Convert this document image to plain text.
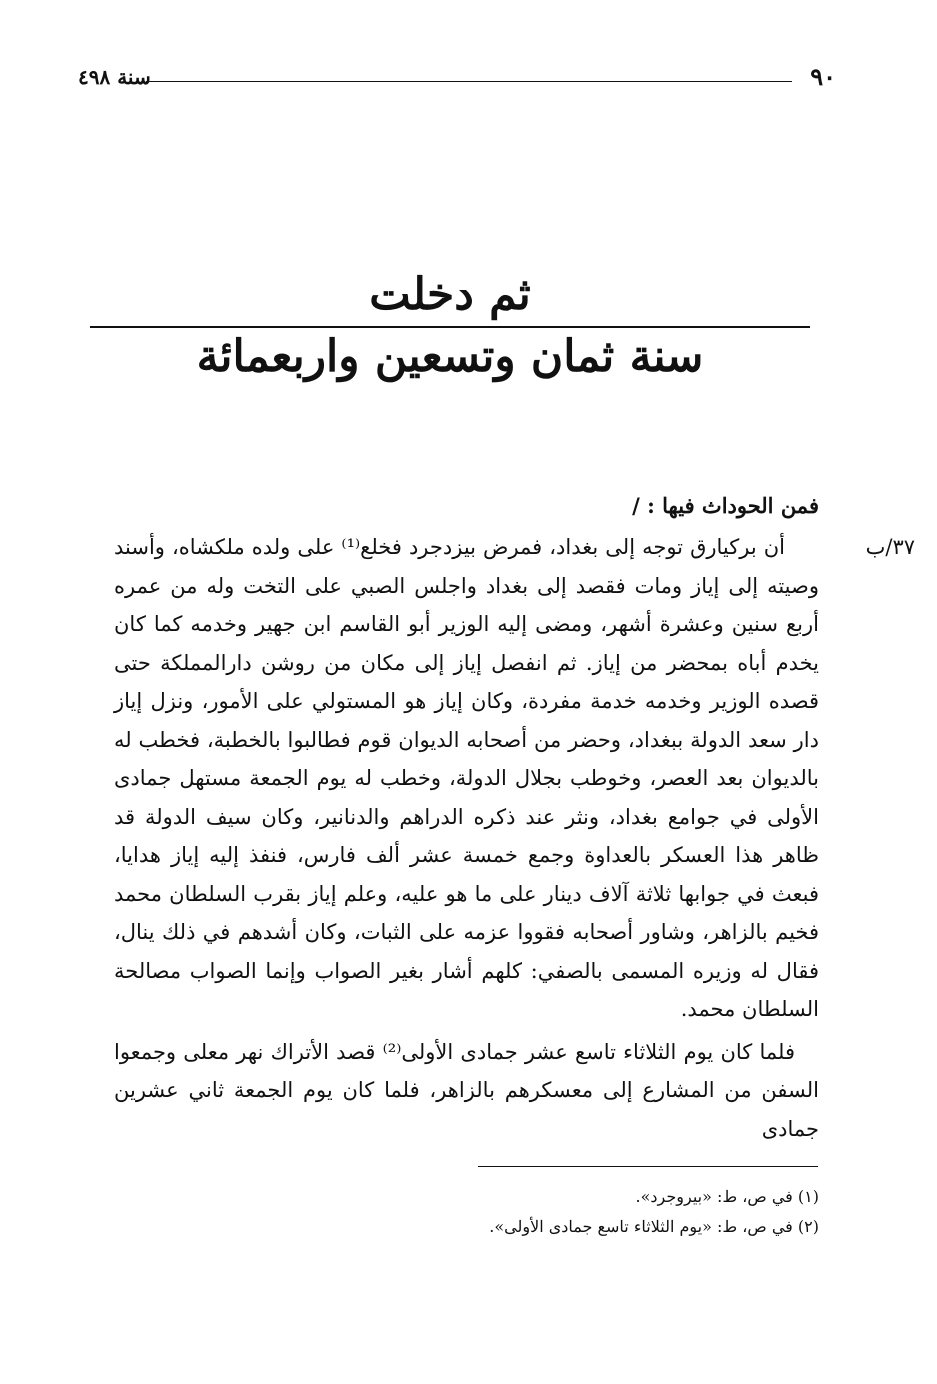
٩٠
سنة ٤٩٨
ثم دخلت
سنة ثمان وتسعين واربعمائة
٣٧/ب

فمن الحوداث فيها : /

أن بركيارق توجه إلى بغداد، فمرض بيزدجرد فخلع⁽¹⁾ على ولده ملكشاه، وأسند وصيته إلى إياز ومات فقصد إلى بغداد واجلس الصبي على التخت وله من عمره أربع سنين وعشرة أشهر، ومضى إليه الوزير أبو القاسم ابن جهير وخدمه كما كان يخدم أباه بمحضر من إياز. ثم انفصل إياز إلى مكان من روشن دارالمملكة حتى قصده الوزير وخدمه خدمة مفردة، وكان إياز هو المستولي على الأمور، ونزل إياز دار سعد الدولة ببغداد، وحضر من أصحابه الديوان قوم فطالبوا بالخطبة، فخطب له بالديوان بعد العصر، وخوطب بجلال الدولة، وخطب له يوم الجمعة مستهل جمادى الأولى في جوامع بغداد، ونثر عند ذكره الدراهم والدنانير، وكان سيف الدولة قد ظاهر هذا العسكر بالعداوة وجمع خمسة عشر ألف فارس، فنفذ إليه إياز هدايا، فبعث في جوابها ثلاثة آلاف دينار على ما هو عليه، وعلم إياز بقرب السلطان محمد فخيم بالزاهر، وشاور أصحابه فقووا عزمه على الثبات، وكان أشدهم في ذلك ينال، فقال له وزيره المسمى بالصفي: كلهم أشار بغير الصواب وإنما الصواب مصالحة السلطان محمد.

فلما كان يوم الثلاثاء تاسع عشر جمادى الأولى⁽²⁾ قصد الأتراك نهر معلى وجمعوا السفن من المشارع إلى معسكرهم بالزاهر، فلما كان يوم الجمعة ثاني عشرين جمادى

(١) في ص، ط: «بيروجرد».

(٢) في ص، ط: «يوم الثلاثاء تاسع جمادى الأولى».
